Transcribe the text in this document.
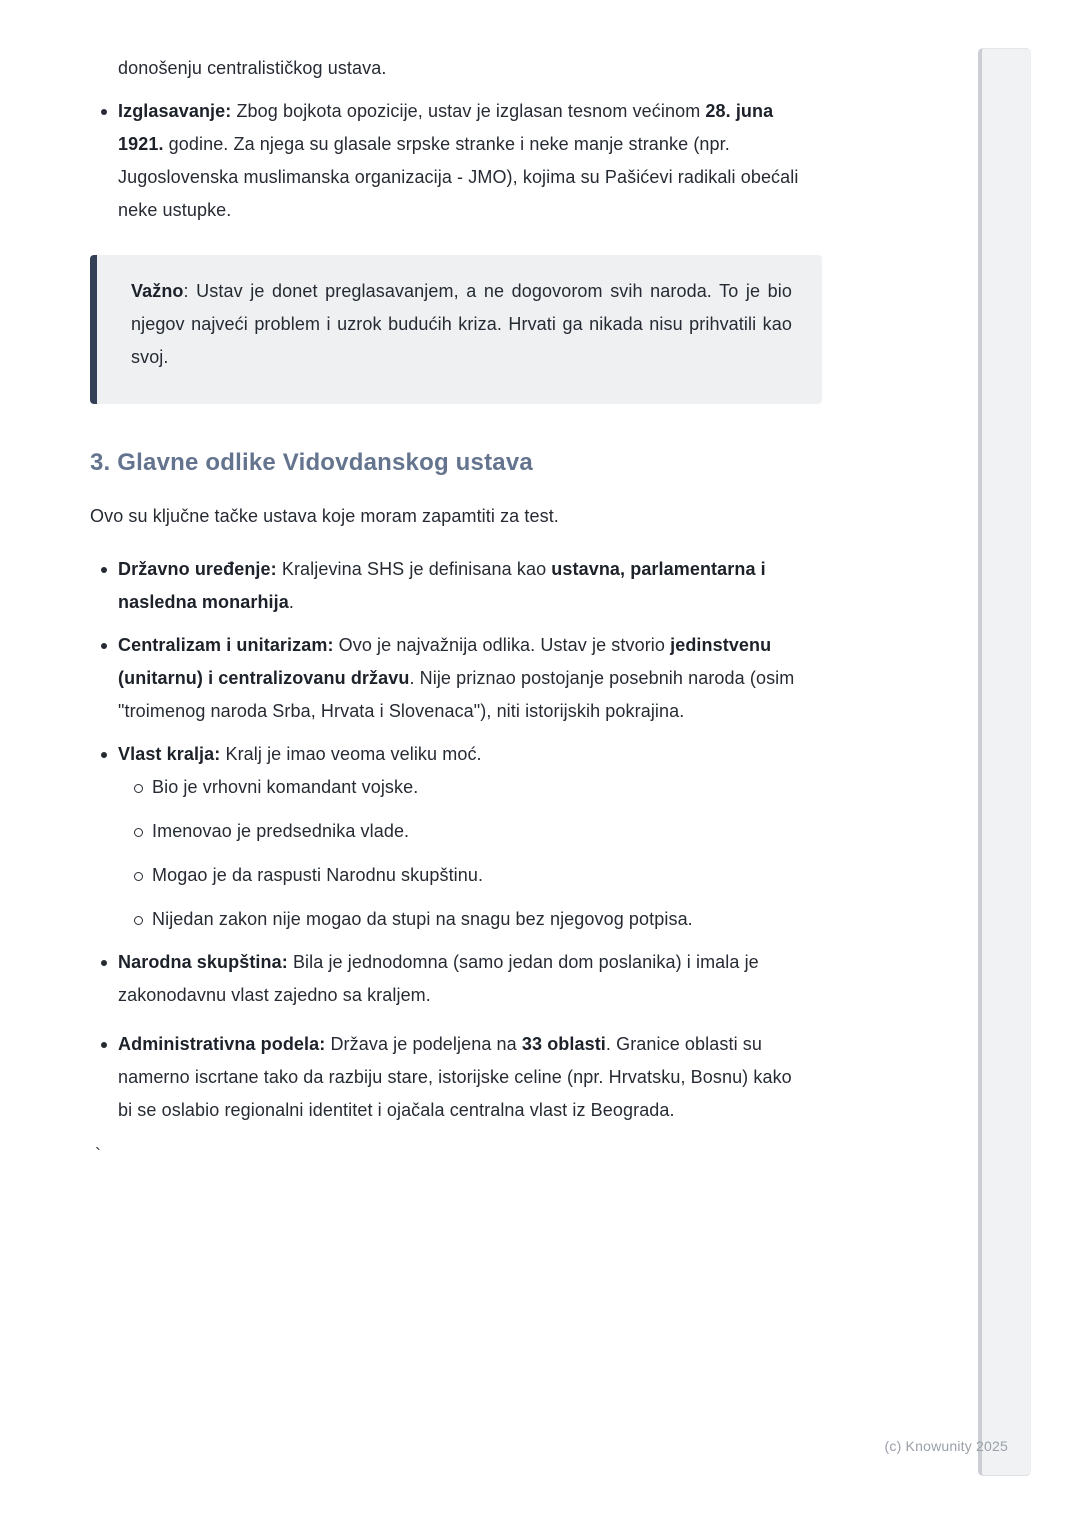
donošenju centralističkog ustava.

Izglasavanje: Zbog bojkota opozicije, ustav je izglasan tesnom većinom 28. juna 1921. godine. Za njega su glasale srpske stranke i neke manje stranke (npr. Jugoslovenska muslimanska organizacija - JMO), kojima su Pašićevi radikali obećali neke ustupke.

Važno: Ustav je donet preglasavanjem, a ne dogovorom svih naroda. To je bio njegov najveći problem i uzrok budućih kriza. Hrvati ga nikada nisu prihvatili kao svoj.

3. Glavne odlike Vidovdanskog ustava

Ovo su ključne tačke ustava koje moram zapamtiti za test.

Državno uređenje: Kraljevina SHS je definisana kao ustavna, parlamentarna i nasledna monarhija.
Centralizam i unitarizam: Ovo je najvažnija odlika. Ustav je stvorio jedinstvenu (unitarnu) i centralizovanu državu. Nije priznao postojanje posebnih naroda (osim "troimenog naroda Srba, Hrvata i Slovenaca"), niti istorijskih pokrajina.
Vlast kralja: Kralj je imao veoma veliku moć.
Bio je vrhovni komandant vojske.
Imenovao je predsednika vlade.
Mogao je da raspusti Narodnu skupštinu.
Nijedan zakon nije mogao da stupi na snagu bez njegovog potpisa.
Narodna skupština: Bila je jednodomna (samo jedan dom poslanika) i imala je zakonodavnu vlast zajedno sa kraljem.
Administrativna podela: Država je podeljena na 33 oblasti. Granice oblasti su namerno iscrtane tako da razbiju stare, istorijske celine (npr. Hrvatsku, Bosnu) kako bi se oslabio regionalni identitet i ojačala centralna vlast iz Beograda.

`

(c) Knowunity 2025
